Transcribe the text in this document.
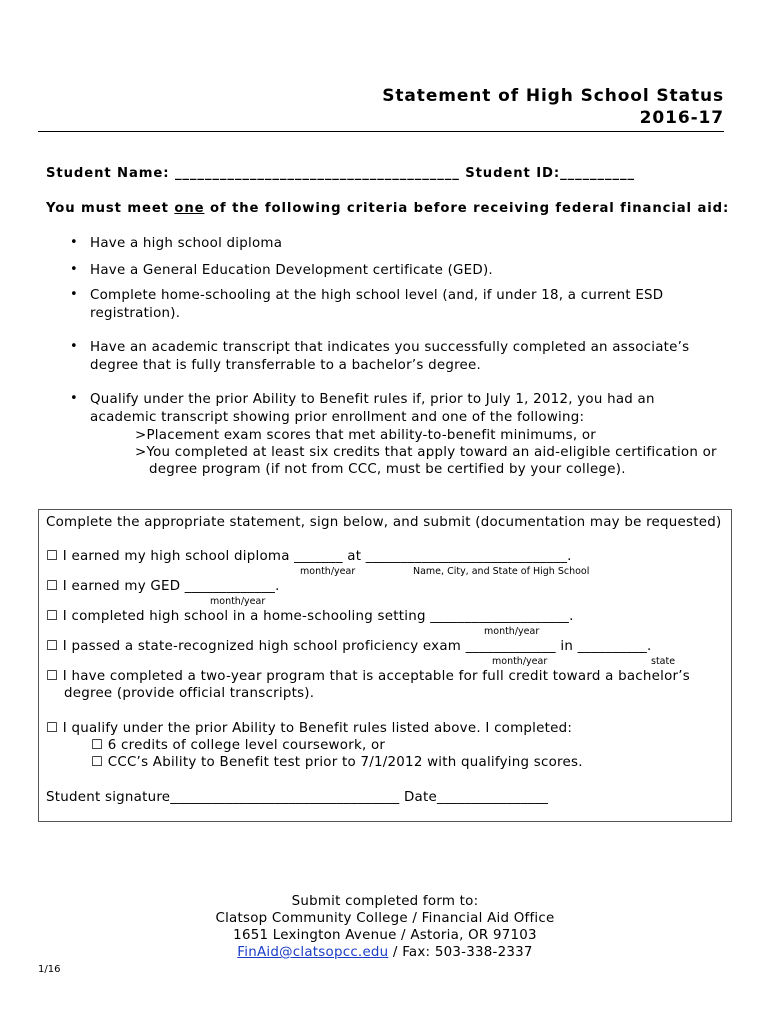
Statement of High School Status
2016-17
Student Name: ______________________________________ Student ID:__________
You must meet one of the following criteria before receiving federal financial aid:
• Have a high school diploma
• Have a General Education Development certificate (GED).
• Complete home-schooling at the high school level (and, if under 18, a current ESD registration).
• Have an academic transcript that indicates you successfully completed an associate’s degree that is fully transferrable to a bachelor’s degree.
• Qualify under the prior Ability to Benefit rules if, prior to July 1, 2012, you had an academic transcript showing prior enrollment and one of the following:
>Placement exam scores that met ability-to-benefit minimums, or
>You completed at least six credits that apply toward an aid-eligible certification or
degree program (if not from CCC, must be certified by your college).
Complete the appropriate statement, sign below, and submit (documentation may be requested)
☐ I earned my high school diploma _______ at _____________________________.
month/year	Name, City, and State of High School
☐ I earned my GED _____________.
month/year
☐ I completed high school in a home-schooling setting ____________________.
month/year
☐ I passed a state-recognized high school proficiency exam _____________ in __________.
month/year	state
☐ I have completed a two-year program that is acceptable for full credit toward a bachelor’s
degree (provide official transcripts).
☐ I qualify under the prior Ability to Benefit rules listed above. I completed:
☐ 6 credits of college level coursework, or
☐ CCC’s Ability to Benefit test prior to 7/1/2012 with qualifying scores.
Student signature_________________________________ Date________________
Submit completed form to:
Clatsop Community College / Financial Aid Office
1651 Lexington Avenue / Astoria, OR 97103
FinAid@clatsopcc.edu / Fax: 503-338-2337
1/16
